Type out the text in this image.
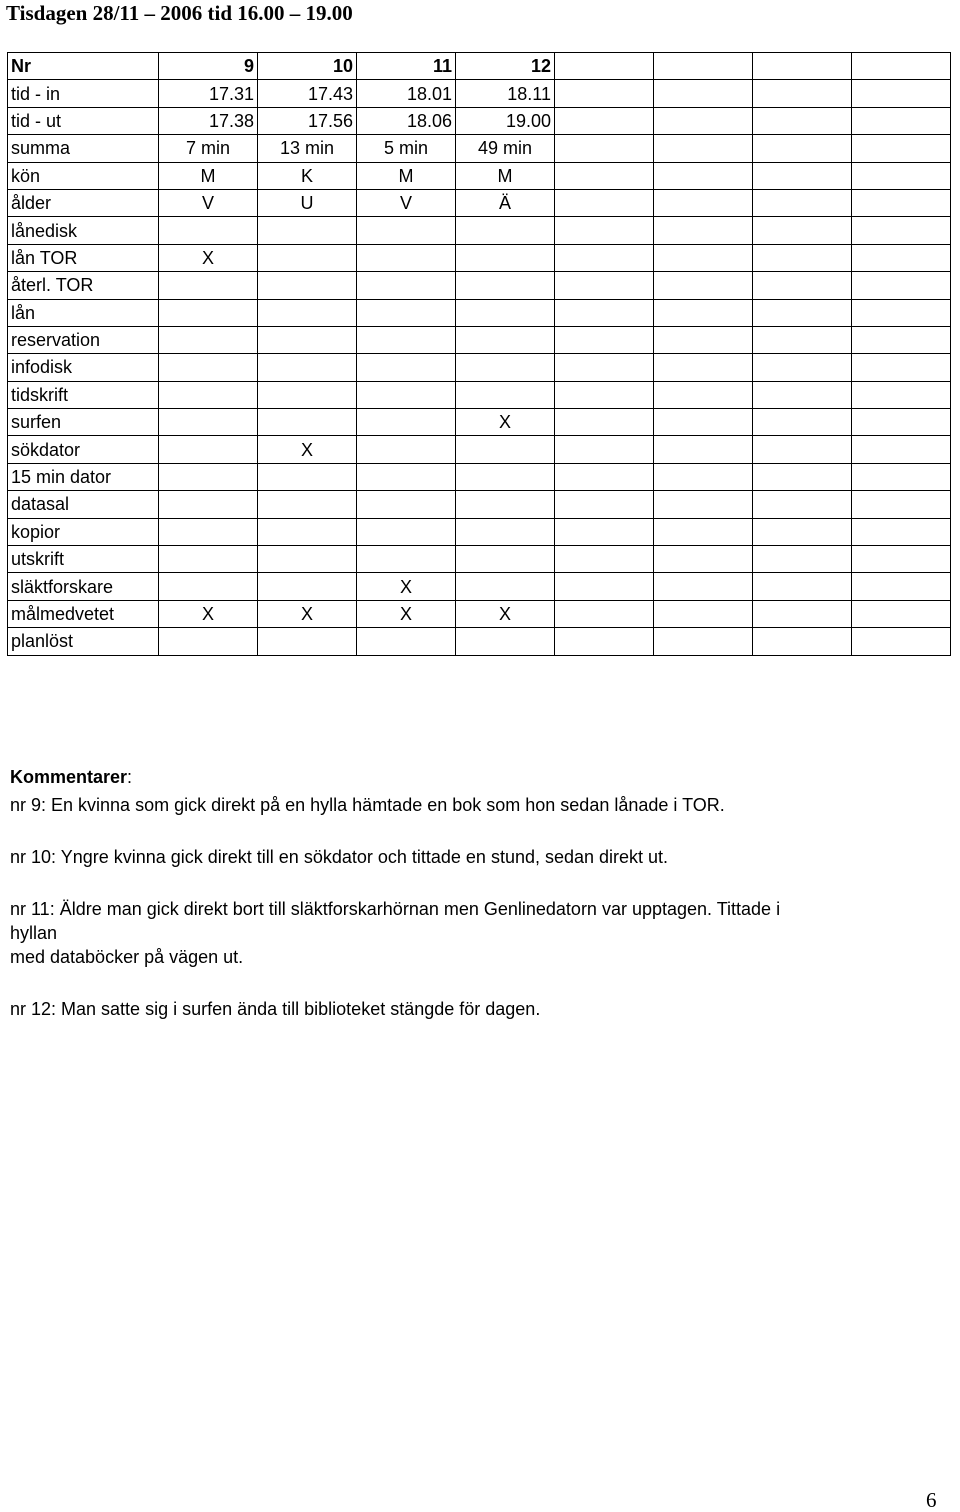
Tisdagen 28/11 – 2006 tid 16.00 – 19.00
Nr	9	10	11	12				
tid - in	17.31	17.43	18.01	18.11				
tid - ut	17.38	17.56	18.06	19.00				
summa	7 min	13 min	5 min	49 min				
kön	M	K	M	M				
ålder	V	U	V	Ä				
lånedisk								
lån TOR	X							
återl. TOR								
lån								
reservation								
infodisk								
tidskrift								
surfen				X				
sökdator		X						
15 min dator								
datasal								
kopior								
utskrift								
släktforskare			X					
målmedvetet	X	X	X	X				
planlöst								
Kommentarer:

nr 9: En kvinna som gick direkt på en hylla hämtade en bok som hon sedan lånade i TOR.

nr 10: Yngre kvinna gick direkt till en sökdator och tittade en stund, sedan direkt ut.

nr 11: Äldre man gick direkt bort till släktforskarhörnan men Genlinedatorn var upptagen. Tittade i
hyllan
med databöcker på vägen ut.

nr 12: Man satte sig i surfen ända till biblioteket stängde för dagen.

6
